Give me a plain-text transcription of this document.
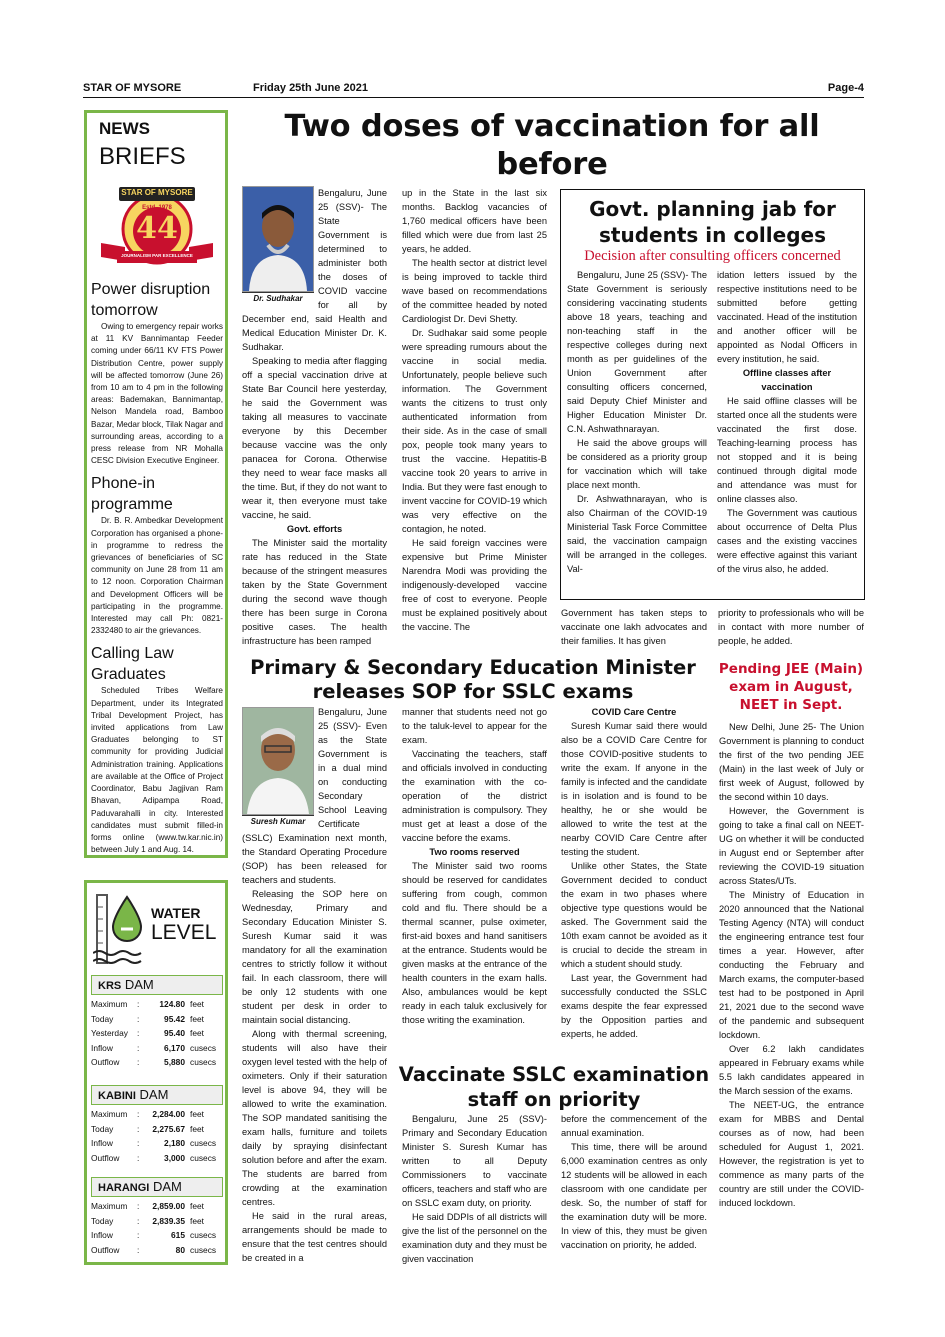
STAR OF MYSORE	Friday 25th June 2021	Page-4
NEWS
BRIEFS
STAR OF MYSORE
Estd. 1978
44
JOURNALISM PAR EXCELLENCE
Power disruption tomorrow
Owing to emergency repair works at 11 KV Bannimantap Feeder coming under 66/11 KV FTS Power Distribution Centre, power supply will be affected tomorrow (June 26) from 10 am to 4 pm in the following areas: Bademakan, Bannimantap, Nelson Mandela road, Bamboo Bazar, Medar block, Tilak Nagar and surrounding areas, according to a press release from NR Mohalla CESC Division Executive Engineer.
Phone-in programme
Dr. B. R. Ambedkar Development Corporation has organised a phone-in programme to redress the grievances of beneficiaries of SC community on June 28 from 11 am to 12 noon. Corporation Chairman and Development Officers will be participating in the programme. Interested may call Ph: 0821-2332480 to air the grievances.
Calling Law Graduates
Scheduled Tribes Welfare Department, under its Integrated Tribal Development Project, has invited applications from Law Graduates belonging to ST community for providing Judicial Administration training. Applications are available at the Office of Project Coordinator, Babu Jagjivan Ram Bhavan, Adipampa Road, Paduvarahalli in city. Interested candidates must submit filled-in forms online (www.tw.kar.nic.in) between July 1 and Aug. 14.
WATER
LEVEL
KRS DAM
Maximum	:	124.80 feet
Today	:	95.42 feet
Yesterday	:	95.40 feet
Inflow	:	6,170 cusecs
Outflow	:	5,880 cusecs
KABINI DAM
Maximum	:	2,284.00 feet
Today	:	2,275.67 feet
Inflow	:	2,180 cusecs
Outflow	:	3,000 cusecs
HARANGI DAM
Maximum	:	2,859.00 feet
Today	:	2,839.35 feet
Inflow	:	615 cusecs
Outflow	:	80 cusecs
Two doses of vaccination for all before
Dr. Sudhakar

Bengaluru, June 25 (SSV)- The State Government is determined to administer both the doses of COVID vaccine for all by December end, said Health and Medical Education Minister Dr. K. Sudhakar.

Speaking to media after flagging off a special vaccination drive at State Bar Council here yesterday, he said the Government was taking all measures to vaccinate everyone by this December because vaccine was the only panacea for Corona. Otherwise they need to wear face masks all the time. But, if they do not want to wear it, then everyone must take vaccine, he said.

Govt. efforts

The Minister said the mortality rate has reduced in the State because of the stringent measures taken by the State Government during the second wave though there has been surge in Corona positive cases. The health infrastructure has been ramped

up in the State in the last six months. Backlog vacancies of 1,760 medical officers have been filled which were due from last 25 years, he added.

The health sector at district level is being improved to tackle third wave based on recommendations of the committee headed by noted Cardiologist Dr. Devi Shetty.

Dr. Sudhakar said some people were spreading rumours about the vaccine in social media. Unfortunately, people believe such information. The Government wants the citizens to trust only authenticated information from their side. As in the case of small pox, people took many years to trust the vaccine. Hepatitis-B vaccine took 20 years to arrive in India. But they were fast enough to invent vaccine for COVID-19 which was very effective on the contagion, he noted.

He said foreign vaccines were expensive but Prime Minister Narendra Modi was providing the indigenously-developed vaccine free of cost to everyone. People must be explained positively about the vaccine. The

Govt. planning jab for students in colleges
Decision after consulting officers concerned

Bengaluru, June 25 (SSV)- The State Government is seriously considering vaccinating students above 18 years, teaching and non-teaching staff in the respective colleges during next month as per guidelines of the Union Government after consulting officers concerned, said Deputy Chief Minister and Higher Education Minister Dr. C.N. Ashwathnarayan.

He said the above groups will be considered as a priority group for vaccination which will take place next month.

Dr. Ashwathnarayan, who is also Chairman of the COVID-19 Ministerial Task Force Committee said, the vaccination campaign will be arranged in the colleges. Val-

idation letters issued by the respective institutions need to be submitted before getting vaccinated. Head of the institution and another officer will be appointed as Nodal Officers in every institution, he said.

Offline classes after vaccination

He said offline classes will be started once all the students were vaccinated the first dose. Teaching-learning process has not stopped and it is being continued through digital mode and attendance was must for online classes also.

The Government was cautious about occurrence of Delta Plus cases and the existing vaccines were effective against this variant of the virus also, he added.

Government has taken steps to vaccinate one lakh advocates and their families. It has given

priority to professionals who will be in contact with more number of people, he added.

Primary & Secondary Education Minister
releases SOP for SSLC exams
Suresh Kumar

Bengaluru, June 25 (SSV)- Even as the State Government is in a dual mind on conducting Secondary School Leaving Certificate (SSLC) Examination next month, the Standard Operating Procedure (SOP) has been released for teachers and students.

Releasing the SOP here on Wednesday, Primary and Secondary Education Minister S. Suresh Kumar said it was mandatory for all the examination centres to strictly follow it without fail. In each classroom, there will be only 12 students with one student per desk in order to maintain social distancing.

Along with thermal screening, students will also have their oxygen level tested with the help of oximeters. Only if their saturation level is above 94, they will be allowed to write the examination. The SOP mandated sanitising the exam halls, furniture and toilets daily by spraying disinfectant solution before and after the exam. The students are barred from crowding at the examination centres.

He said in the rural areas, arrangements should be made to ensure that the test centres should be created in a

manner that students need not go to the taluk-level to appear for the exam.

Vaccinating the teachers, staff and officials involved in conducting the examination with the co-operation of the district administration is compulsory. They must get at least a dose of the vaccine before the exams.

Two rooms reserved

The Minister said two rooms should be reserved for candidates suffering from cough, common cold and flu. There should be a thermal scanner, pulse oximeter, first-aid boxes and hand sanitisers at the entrance. Students would be given masks at the entrance of the health counters in the exam halls. Also, ambulances would be kept ready in each taluk exclusively for those writing the examination.

COVID Care Centre

Suresh Kumar said there would also be a COVID Care Centre for those COVID-positive students to write the exam. If anyone in the family is infected and the candidate is in isolation and is found to be healthy, he or she would be allowed to write the test at the nearby COVID Care Centre after testing the student.

Unlike other States, the State Government decided to conduct the exam in two phases where objective type questions would be asked. The Government said the 10th exam cannot be avoided as it is crucial to decide the stream in which a student should study.

Last year, the Government had successfully conducted the SSLC exams despite the fear expressed by the Opposition parties and experts, he added.

Vaccinate SSLC examination staff on priority

Bengaluru, June 25 (SSV)- Primary and Secondary Education Minister S. Suresh Kumar has written to all Deputy Commissioners to vaccinate officers, teachers and staff who are on SSLC exam duty, on priority.

He said DDPIs of all districts will give the list of the personnel on the examination duty and they must be given vaccination

before the commencement of the annual examination.

This time, there will be around 6,000 examination centres as only 12 students will be allowed in each classroom with one candidate per desk. So, the number of staff for the examination duty will be more. In view of this, they must be given vaccination on priority, he added.

Pending JEE (Main) exam in August, NEET in Sept.

New Delhi, June 25- The Union Government is planning to conduct the first of the two pending JEE (Main) in the last week of July or first week of August, followed by the second within 10 days.

However, the Government is going to take a final call on NEET-UG on whether it will be conducted in August end or September after reviewing the COVID-19 situation across States/UTs.

The Ministry of Education in 2020 announced that the National Testing Agency (NTA) will conduct the engineering entrance test four times a year. However, after conducting the February and March exams, the computer-based test had to be postponed in April 21, 2021 due to the second wave of the pandemic and subsequent lockdown.

Over 6.2 lakh candidates appeared in February exams while 5.5 lakh candidates appeared in the March session of the exams.

The NEET-UG, the entrance exam for MBBS and Dental courses as of now, had been scheduled for August 1, 2021. However, the registration is yet to commence as many parts of the country are still under the COVID-induced lockdown.
